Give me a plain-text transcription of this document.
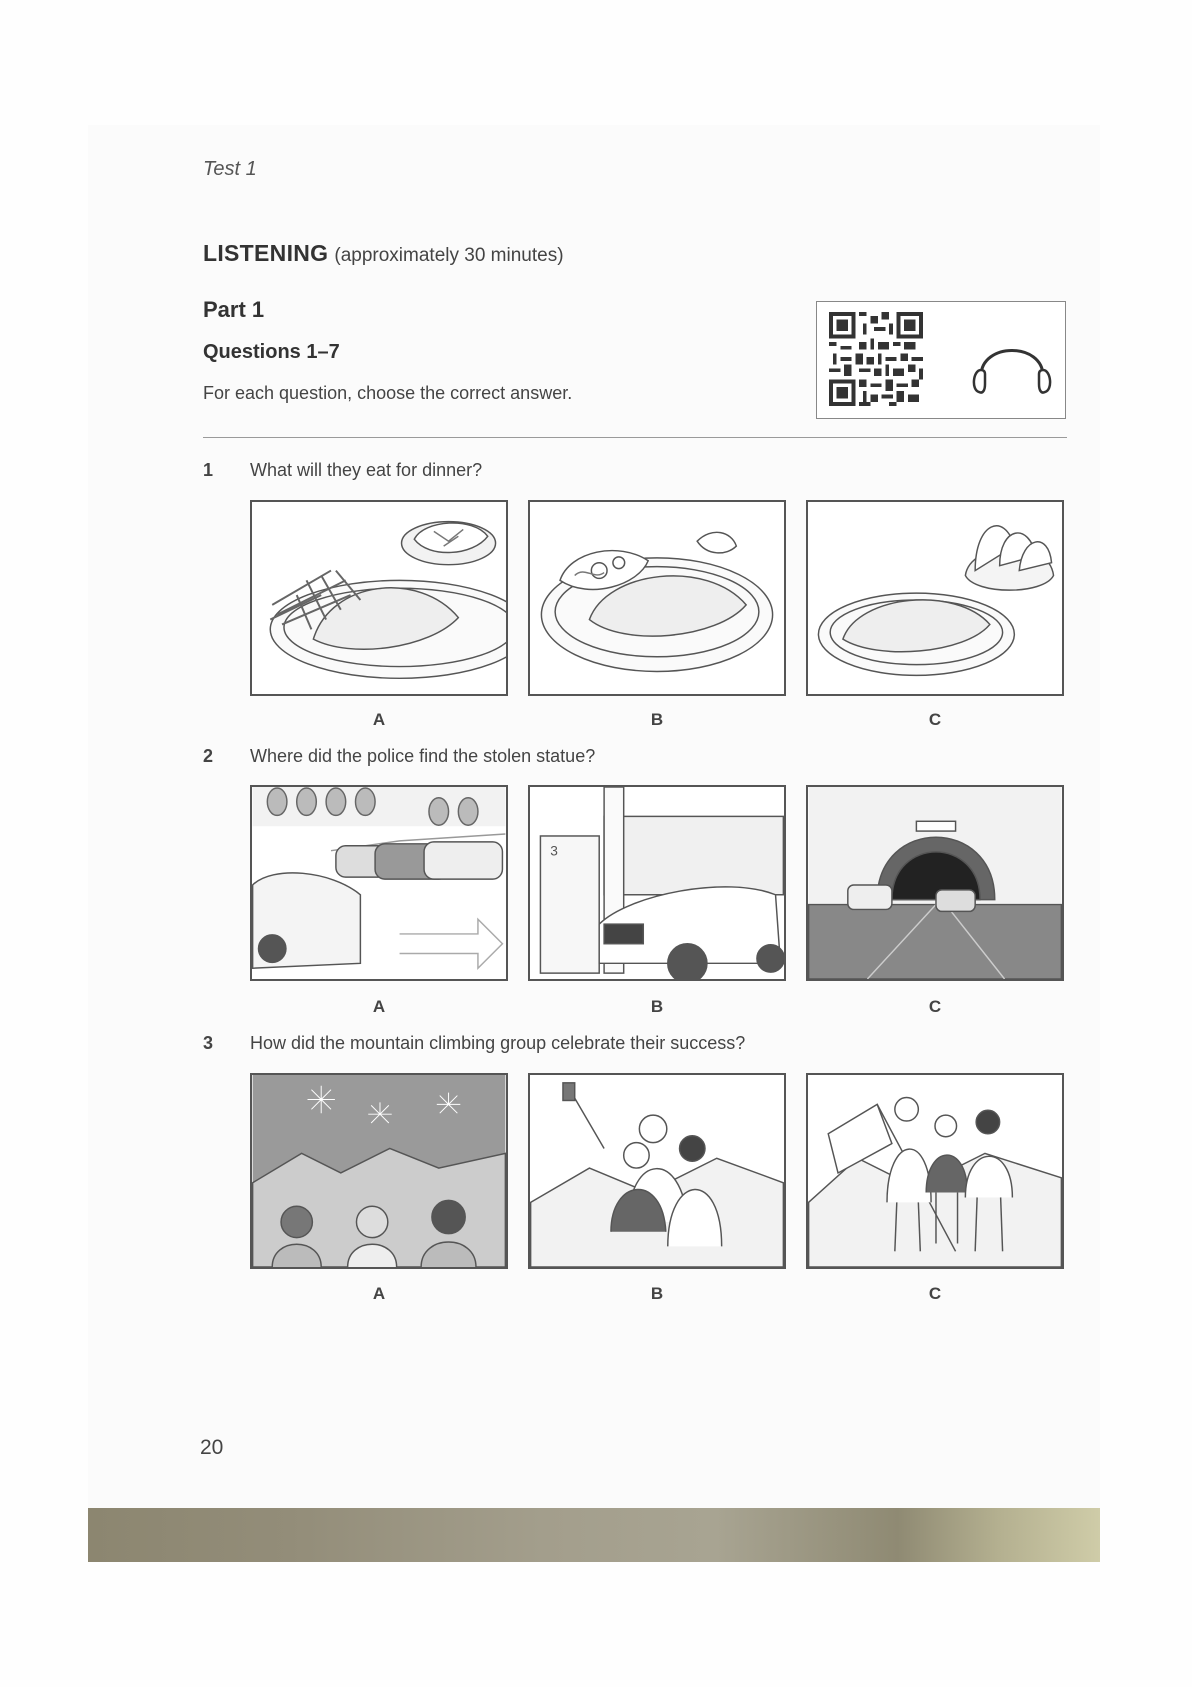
Test 1
LISTENING (approximately 30 minutes)
Part 1
Questions 1–7
For each question, choose the correct answer.
1 What will they eat for dinner?
A	B	C
2 Where did the police find the stolen statue?
3
A	B	C
3 How did the mountain climbing group celebrate their success?
A	B	C
20
